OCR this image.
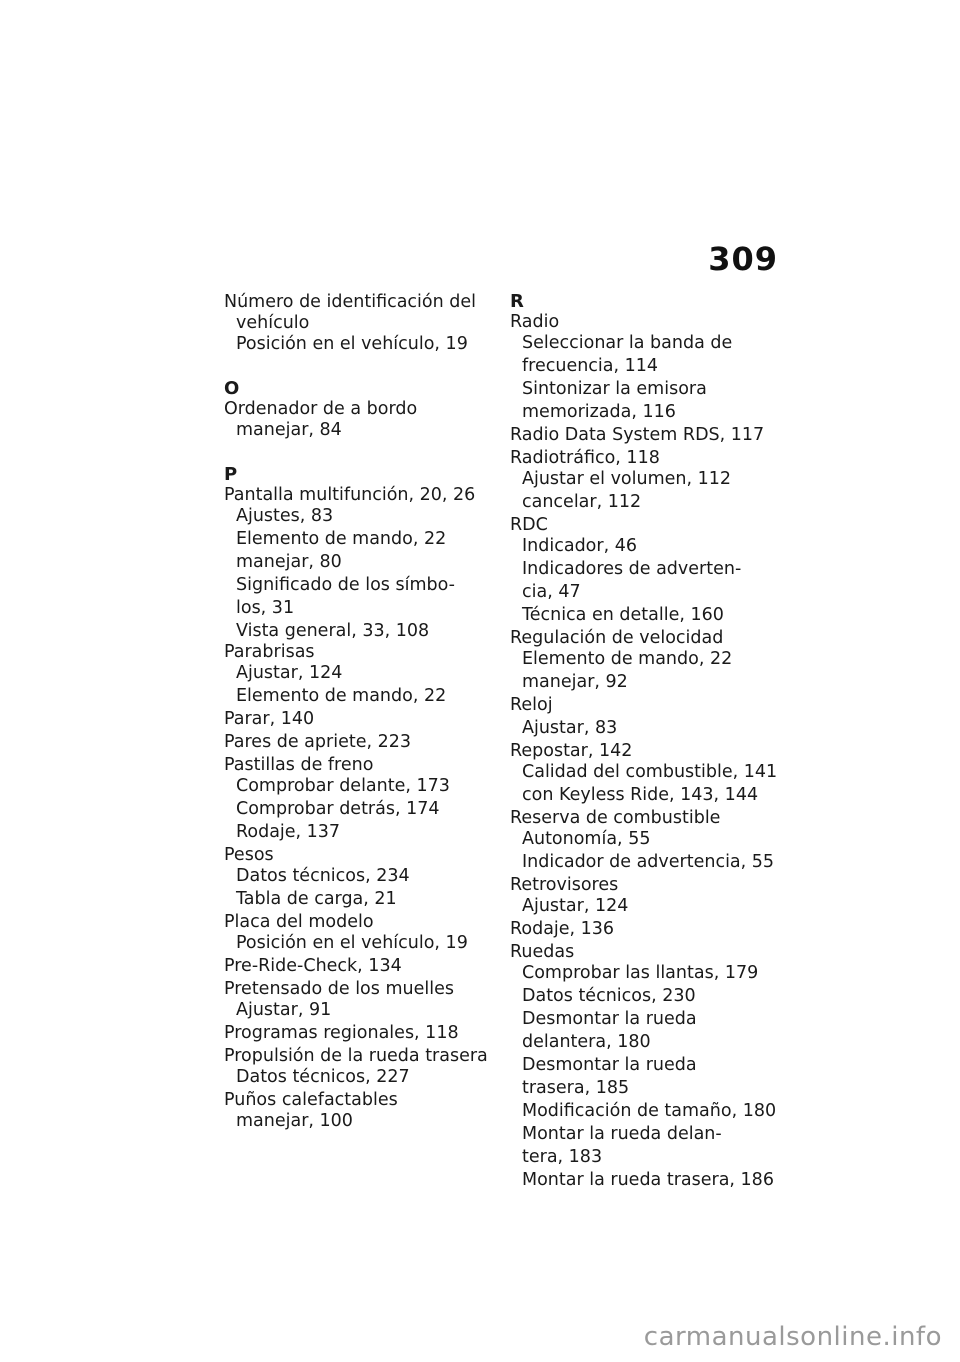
309
Número de identificación del
vehículo
Posición en el vehículo, 19
O
Ordenador de a bordo
manejar, 84
P
Pantalla multifunción, 20, 26
Ajustes, 83
Elemento de mando, 22
manejar, 80
Significado de los símbo-
los, 31
Vista general, 33, 108
Parabrisas
Ajustar, 124
Elemento de mando, 22
Parar, 140
Pares de apriete, 223
Pastillas de freno
Comprobar delante, 173
Comprobar detrás, 174
Rodaje, 137
Pesos
Datos técnicos, 234
Tabla de carga, 21
Placa del modelo
Posición en el vehículo, 19
Pre-Ride-Check, 134
Pretensado de los muelles
Ajustar, 91
Programas regionales, 118
Propulsión de la rueda trasera
Datos técnicos, 227
Puños calefactables
manejar, 100
R
Radio
Seleccionar la banda de
frecuencia, 114
Sintonizar la emisora
memorizada, 116
Radio Data System RDS, 117
Radiotráfico, 118
Ajustar el volumen, 112
cancelar, 112
RDC
Indicador, 46
Indicadores de adverten-
cia, 47
Técnica en detalle, 160
Regulación de velocidad
Elemento de mando, 22
manejar, 92
Reloj
Ajustar, 83
Repostar, 142
Calidad del combustible, 141
con Keyless Ride, 143, 144
Reserva de combustible
Autonomía, 55
Indicador de advertencia, 55
Retrovisores
Ajustar, 124
Rodaje, 136
Ruedas
Comprobar las llantas, 179
Datos técnicos, 230
Desmontar la rueda
delantera, 180
Desmontar la rueda
trasera, 185
Modificación de tamaño, 180
Montar la rueda delan-
tera, 183
Montar la rueda trasera, 186
carmanualsonline.info
